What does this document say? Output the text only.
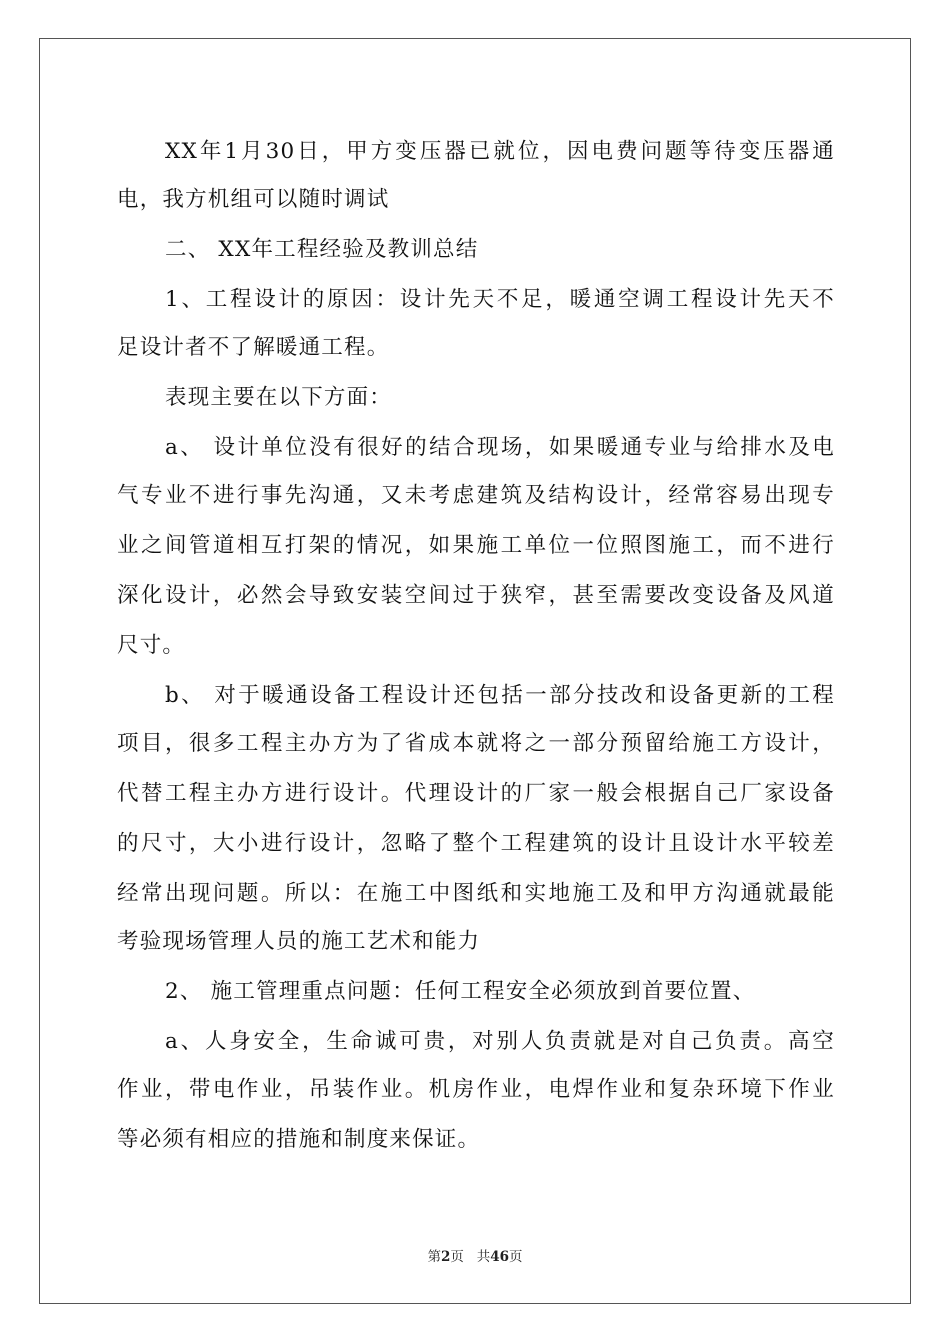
XX年1月30日，甲方变压器已就位，因电费问题等待变压器通
电，我方机组可以随时调试
二、 XX年工程经验及教训总结
1、工程设计的原因：设计先天不足，暖通空调工程设计先天不
足设计者不了解暖通工程。
表现主要在以下方面：
a、 设计单位没有很好的结合现场，如果暖通专业与给排水及电
气专业不进行事先沟通，又未考虑建筑及结构设计，经常容易出现专
业之间管道相互打架的情况，如果施工单位一位照图施工，而不进行
深化设计，必然会导致安装空间过于狭窄，甚至需要改变设备及风道
尺寸。
b、 对于暖通设备工程设计还包括一部分技改和设备更新的工程
项目，很多工程主办方为了省成本就将之一部分预留给施工方设计，
代替工程主办方进行设计。代理设计的厂家一般会根据自己厂家设备
的尺寸，大小进行设计，忽略了整个工程建筑的设计且设计水平较差
经常出现问题。所以：在施工中图纸和实地施工及和甲方沟通就最能
考验现场管理人员的施工艺术和能力
2、 施工管理重点问题：任何工程安全必须放到首要位置、
a、人身安全，生命诚可贵，对别人负责就是对自己负责。高空
作业，带电作业，吊装作业。机房作业，电焊作业和复杂环境下作业
等必须有相应的措施和制度来保证。
第2页 共46页
